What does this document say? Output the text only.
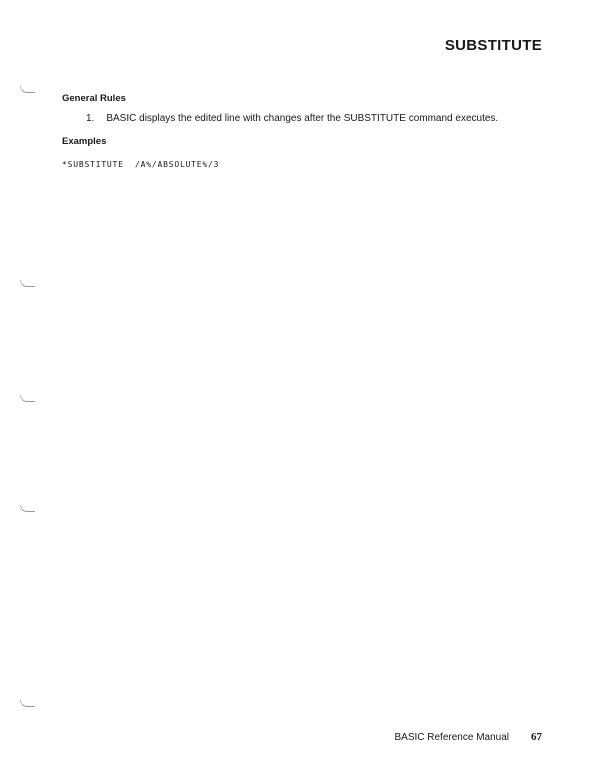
SUBSTITUTE
General Rules
1. BASIC displays the edited line with changes after the SUBSTITUTE command executes.
Examples
*SUBSTITUTE  /A%/ABSOLUTE%/3
BASIC Reference Manual 67
